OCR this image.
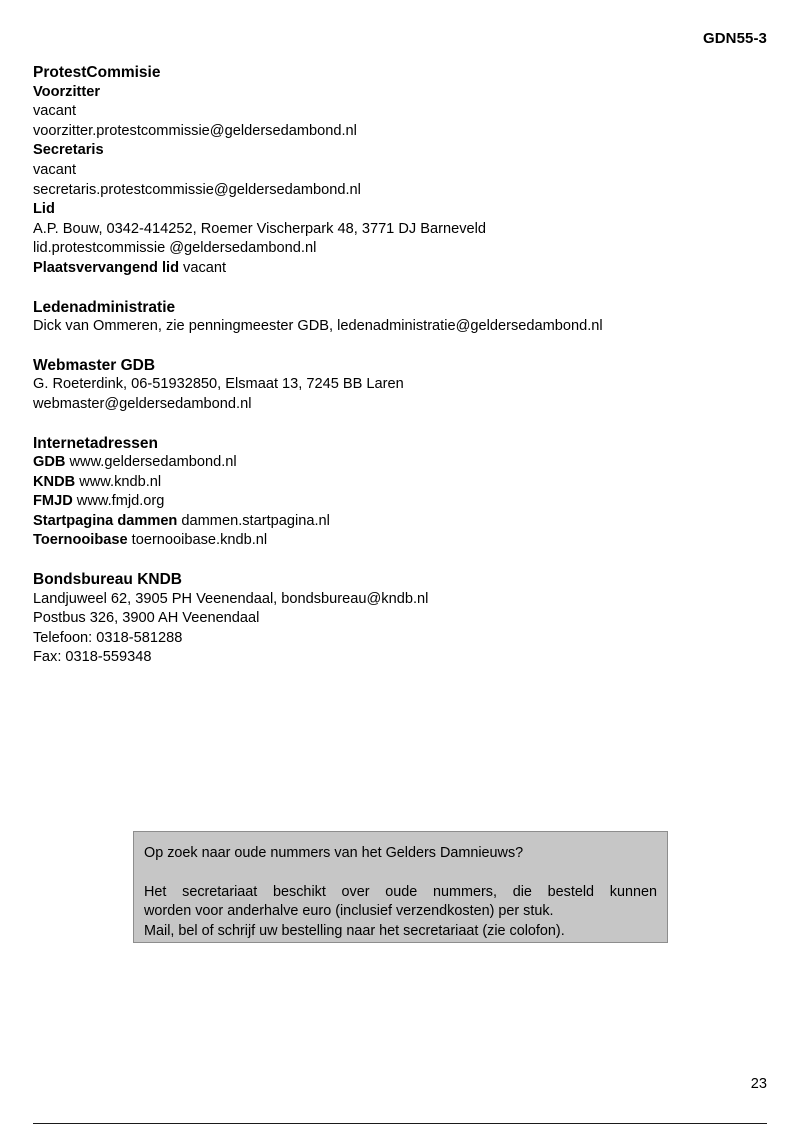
GDN55-3
ProtestCommisie
Voorzitter
vacant
voorzitter.protestcommissie@geldersedambond.nl
Secretaris
vacant
secretaris.protestcommissie@geldersedambond.nl
Lid
A.P. Bouw, 0342-414252, Roemer Vischerpark 48, 3771 DJ Barneveld
lid.protestcommissie @geldersedambond.nl
Plaatsvervangend lid vacant
Ledenadministratie
Dick van Ommeren, zie penningmeester GDB, ledenadministratie@geldersedambond.nl
Webmaster GDB
G. Roeterdink, 06-51932850, Elsmaat 13, 7245 BB Laren
webmaster@geldersedambond.nl
Internetadressen
GDB www.geldersedambond.nl
KNDB www.kndb.nl
FMJD www.fmjd.org
Startpagina dammen dammen.startpagina.nl
Toernooibase toernooibase.kndb.nl
Bondsbureau KNDB
Landjuweel 62, 3905 PH Veenendaal, bondsbureau@kndb.nl
Postbus 326, 3900 AH Veenendaal
Telefoon: 0318-581288
Fax: 0318-559348
Op zoek naar oude nummers van het Gelders Damnieuws?
Het secretariaat beschikt over oude nummers, die besteld kunnen
worden voor anderhalve euro (inclusief verzendkosten) per stuk.
Mail, bel of schrijf uw bestelling naar het secretariaat (zie colofon).
23
